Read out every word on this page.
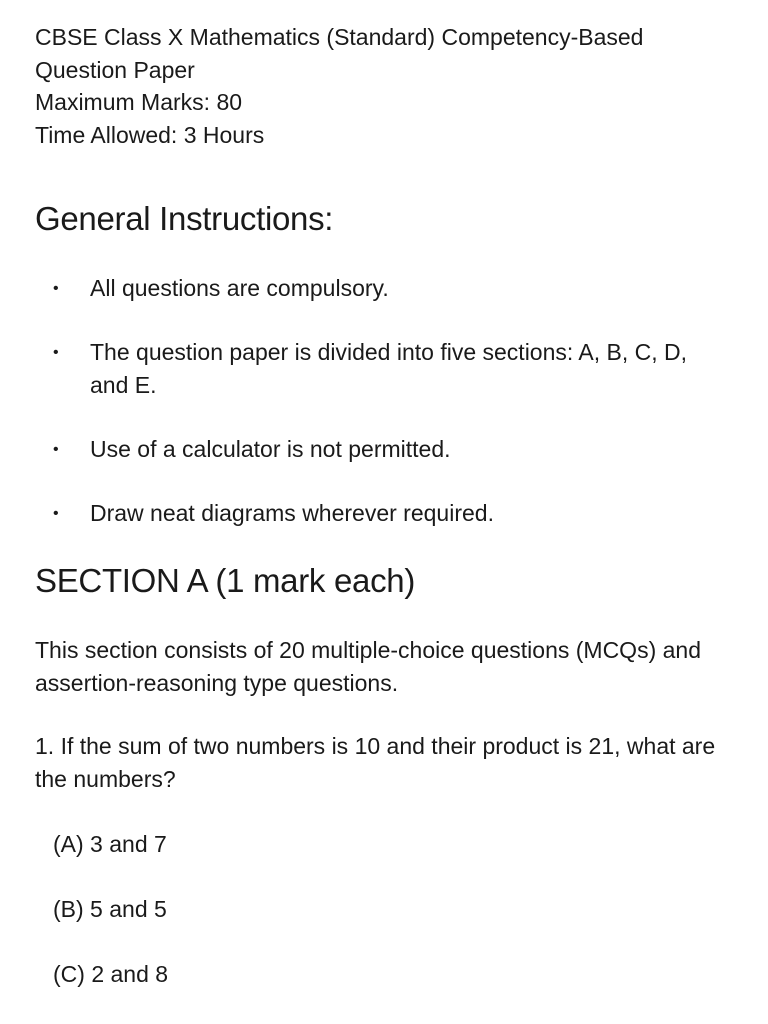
CBSE Class X Mathematics (Standard) Competency-Based

Question Paper

Maximum Marks: 80

Time Allowed: 3 Hours

General Instructions:
• All questions are compulsory.
• The question paper is divided into five sections: A, B, C, D, and E.
• Use of a calculator is not permitted.
• Draw neat diagrams wherever required.
SECTION A (1 mark each)

This section consists of 20 multiple-choice questions (MCQs) and assertion-reasoning type questions.

1. If the sum of two numbers is 10 and their product is 21, what are the numbers?

(A) 3 and 7

(B) 5 and 5

(C) 2 and 8
